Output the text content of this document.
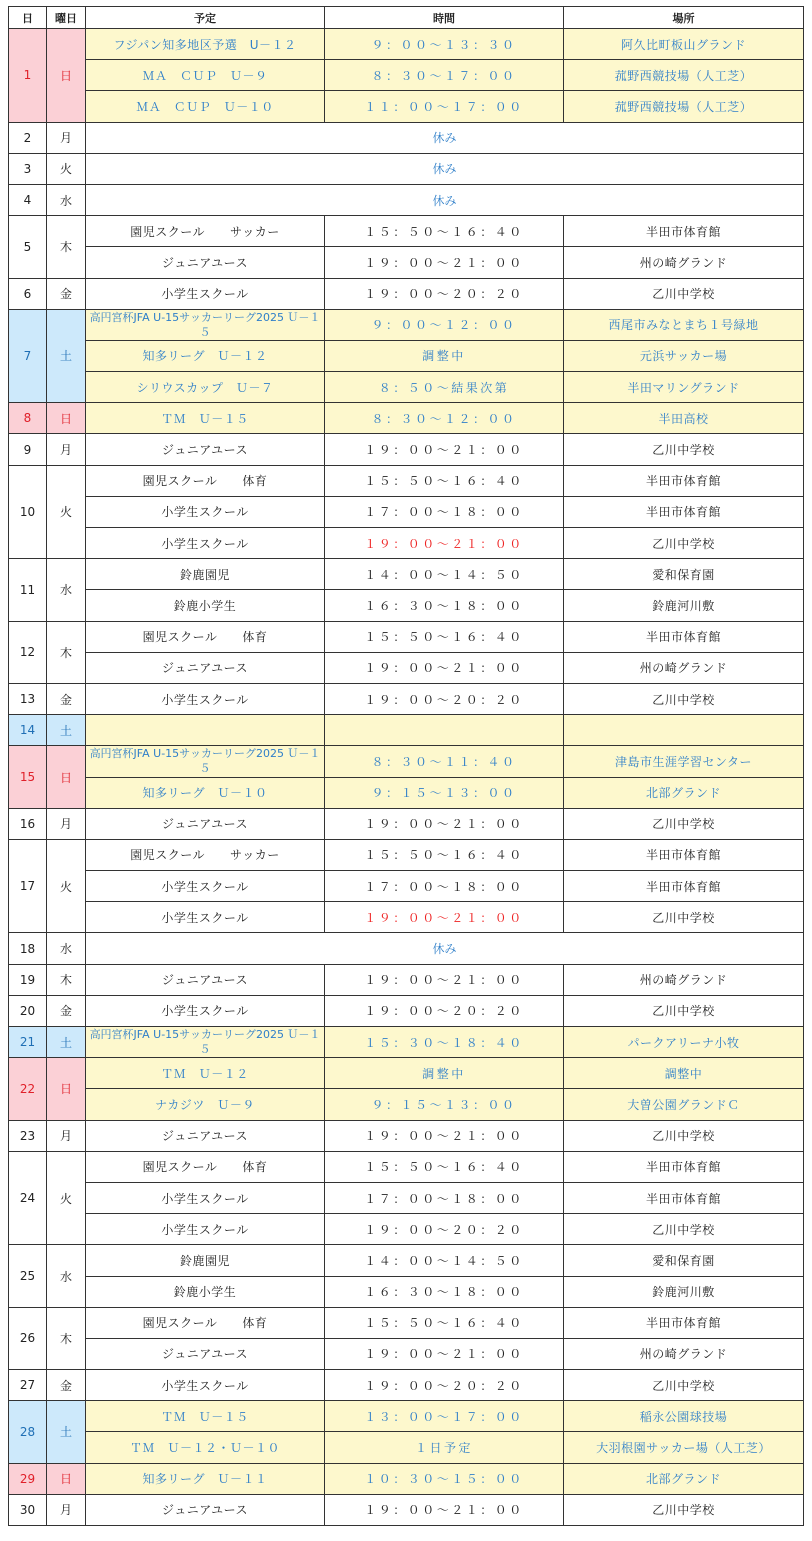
日	曜日	予定	時間	場所
1	日	フジパン知多地区予選　U－１２	９：００～１３：３０	阿久比町板山グランド
		ＭＡ　ＣＵＰ　Ｕ－９	８：３０～１７：００	菰野西競技場（人工芝）
		ＭＡ　ＣＵＰ　Ｕ－１０	１１：００～１７：００	菰野西競技場（人工芝）
2	月	休み		
3	火	休み		
4	水	休み		
5	木	園児スクール　　サッカー	１５：５０～１６：４０	半田市体育館
		ジュニアユース	１９：００～２１：００	州の崎グランド
6	金	小学生スクール	１９：００～２０：２０	乙川中学校
7	土	高円宮杯JFA U-15サッカーリーグ2025 Ｕ－１５	９：００～１２：００	西尾市みなとまち１号緑地
		知多リーグ　Ｕ－１２	調整中	元浜サッカー場
		シリウスカップ　Ｕ－７	８：５０～結果次第	半田マリングランド
8	日	ＴＭ　Ｕ－１５	８：３０～１２：００	半田高校
9	月	ジュニアユース	１９：００～２１：００	乙川中学校
10	火	園児スクール　　体育	１５：５０～１６：４０	半田市体育館
		小学生スクール	１７：００～１８：００	半田市体育館
		小学生スクール	１９：００～２１：００	乙川中学校
11	水	鈴鹿園児	１４：００～１４：５０	愛和保育園
		鈴鹿小学生	１６：３０～１８：００	鈴鹿河川敷
12	木	園児スクール　　体育	１５：５０～１６：４０	半田市体育館
		ジュニアユース	１９：００～２１：００	州の崎グランド
13	金	小学生スクール	１９：００～２０：２０	乙川中学校
14	土			
15	日	高円宮杯JFA U-15サッカーリーグ2025 Ｕ－１５	８：３０～１１：４０	津島市生涯学習センター
		知多リーグ　Ｕ－１０	９：１５～１３：００	北部グランド
16	月	ジュニアユース	１９：００～２１：００	乙川中学校
17	火	園児スクール　　サッカー	１５：５０～１６：４０	半田市体育館
		小学生スクール	１７：００～１８：００	半田市体育館
		小学生スクール	１９：００～２１：００	乙川中学校
18	水	休み		
19	木	ジュニアユース	１９：００～２１：００	州の崎グランド
20	金	小学生スクール	１９：００～２０：２０	乙川中学校
21	土	高円宮杯JFA U-15サッカーリーグ2025 Ｕ－１５	１５：３０～１８：４０	パークアリーナ小牧
22	日	ＴＭ　Ｕ－１２	調整中	調整中
		ナカジツ　Ｕ－９	９：１５～１３：００	大曽公園グランドＣ
23	月	ジュニアユース	１９：００～２１：００	乙川中学校
24	火	園児スクール　　体育	１５：５０～１６：４０	半田市体育館
		小学生スクール	１７：００～１８：００	半田市体育館
		小学生スクール	１９：００～２０：２０	乙川中学校
25	水	鈴鹿園児	１４：００～１４：５０	愛和保育園
		鈴鹿小学生	１６：３０～１８：００	鈴鹿河川敷
26	木	園児スクール　　体育	１５：５０～１６：４０	半田市体育館
		ジュニアユース	１９：００～２１：００	州の崎グランド
27	金	小学生スクール	１９：００～２０：２０	乙川中学校
28	土	ＴＭ　Ｕ－１５	１３：００～１７：００	稲永公園球技場
		ＴＭ　Ｕ－１２・Ｕ－１０	１日予定	大羽根園サッカー場（人工芝）
29	日	知多リーグ　Ｕ－１１	１０：３０～１５：００	北部グランド
30	月	ジュニアユース	１９：００～２１：００	乙川中学校
